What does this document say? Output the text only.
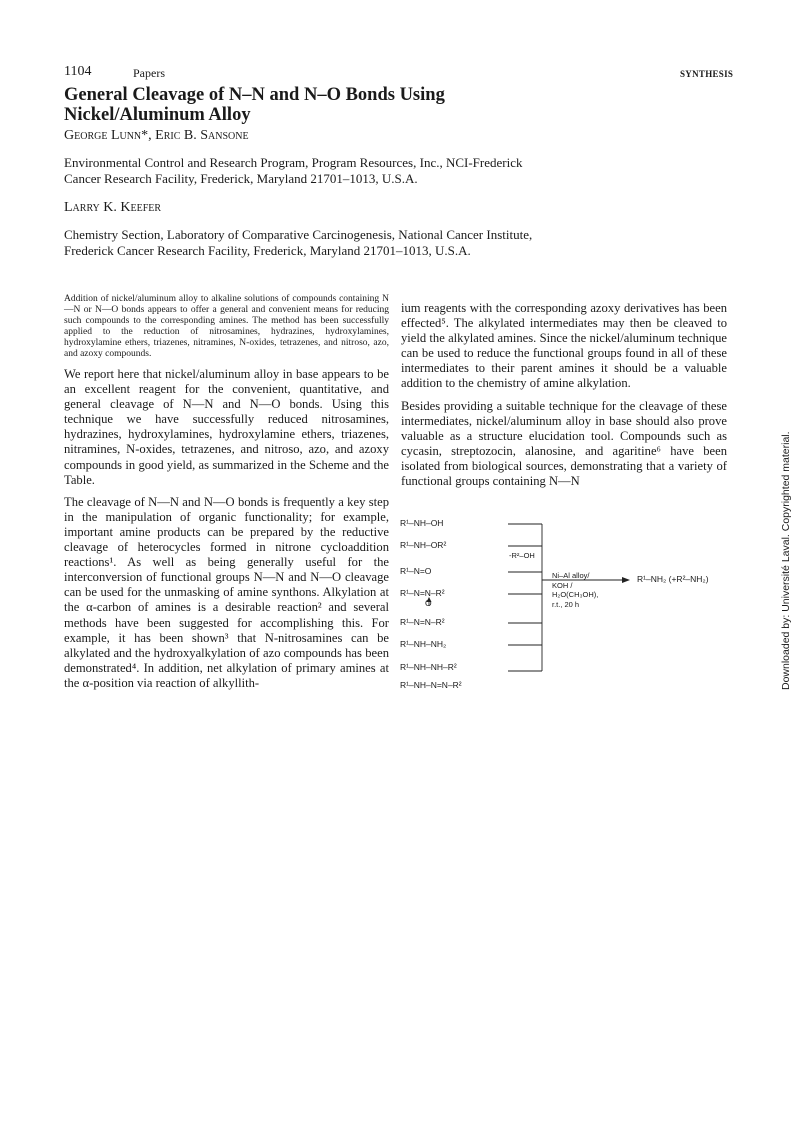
1104	Papers	SYNTHESIS
General Cleavage of N–N and N–O Bonds Using
Nickel/Aluminum Alloy
George Lunn*, Eric B. Sansone
Environmental Control and Research Program, Program Resources, Inc., NCI-Frederick
Cancer Research Facility, Frederick, Maryland 21701–1013, U.S.A.
Larry K. Keefer
Chemistry Section, Laboratory of Comparative Carcinogenesis, National Cancer Institute,
Frederick Cancer Research Facility, Frederick, Maryland 21701–1013, U.S.A.

Addition of nickel/aluminum alloy to alkaline solutions of compounds containing N—N or N—O bonds appears to offer a general and convenient means for reducing such compounds to the corresponding amines. The method has been successfully applied to the reduction of nitrosamines, hydrazines, hydroxylamines, hydroxylamine ethers, triazenes, nitramines, N-oxides, tetrazenes, and nitroso, azo, and azoxy compounds.

We report here that nickel/aluminum alloy in base appears to be an excellent reagent for the convenient, quantitative, and general cleavage of N—N and N—O bonds. Using this technique we have successfully reduced nitrosamines, hydrazines, hydroxylamines, hydroxylamine ethers, triazenes, nitramines, N-oxides, tetrazenes, and nitroso, azo, and azoxy compounds in good yield, as summarized in the Scheme and the Table.

The cleavage of N—N and N—O bonds is frequently a key step in the manipulation of organic functionality; for example, important amine products can be prepared by the reductive cleavage of heterocycles formed in nitrone cycloaddition reactions¹. As well as being generally useful for the interconversion of functional groups N—N and N—O cleavage can be used for the unmasking of amine synthons. Alkylation at the α-carbon of amines is a desirable reaction² and several methods have been suggested for accomplishing this. For example, it has been shown³ that N-nitrosamines can be alkylated and the hydroxyalkylation of azo compounds has been demonstrated⁴. In addition, net alkylation of primary amines at the α-position via reaction of alkyllith-

ium reagents with the corresponding azoxy derivatives has been effected⁵. The alkylated intermediates may then be cleaved to yield the alkylated amines. Since the nickel/aluminum technique can be used to reduce the functional groups found in all of these intermediates to their parent amines it should be a valuable addition to the chemistry of amine alkylation.

Besides providing a suitable technique for the cleavage of these intermediates, nickel/aluminum alloy in base should also prove valuable as a structure elucidation tool. Compounds such as cycasin, streptozocin, alanosine, and agaritine⁶ have been isolated from biological sources, demonstrating that a variety of functional groups containing N—N

R¹–NH–OH
R¹–NH–OR²
R¹–N=O
R¹–N=N–R²
O
R¹–N=N–R²
R¹–NH–NH₂
R¹–NH–NH–R²
R¹–NH–N=N–R²
-R²–OH
Ni–Al alloy/
KOH /
H₂O(CH₃OH),
r.t., 20 h
R¹–NH₂ (+R²–NH₂)	Downloaded by: Université Laval. Copyrighted material.
